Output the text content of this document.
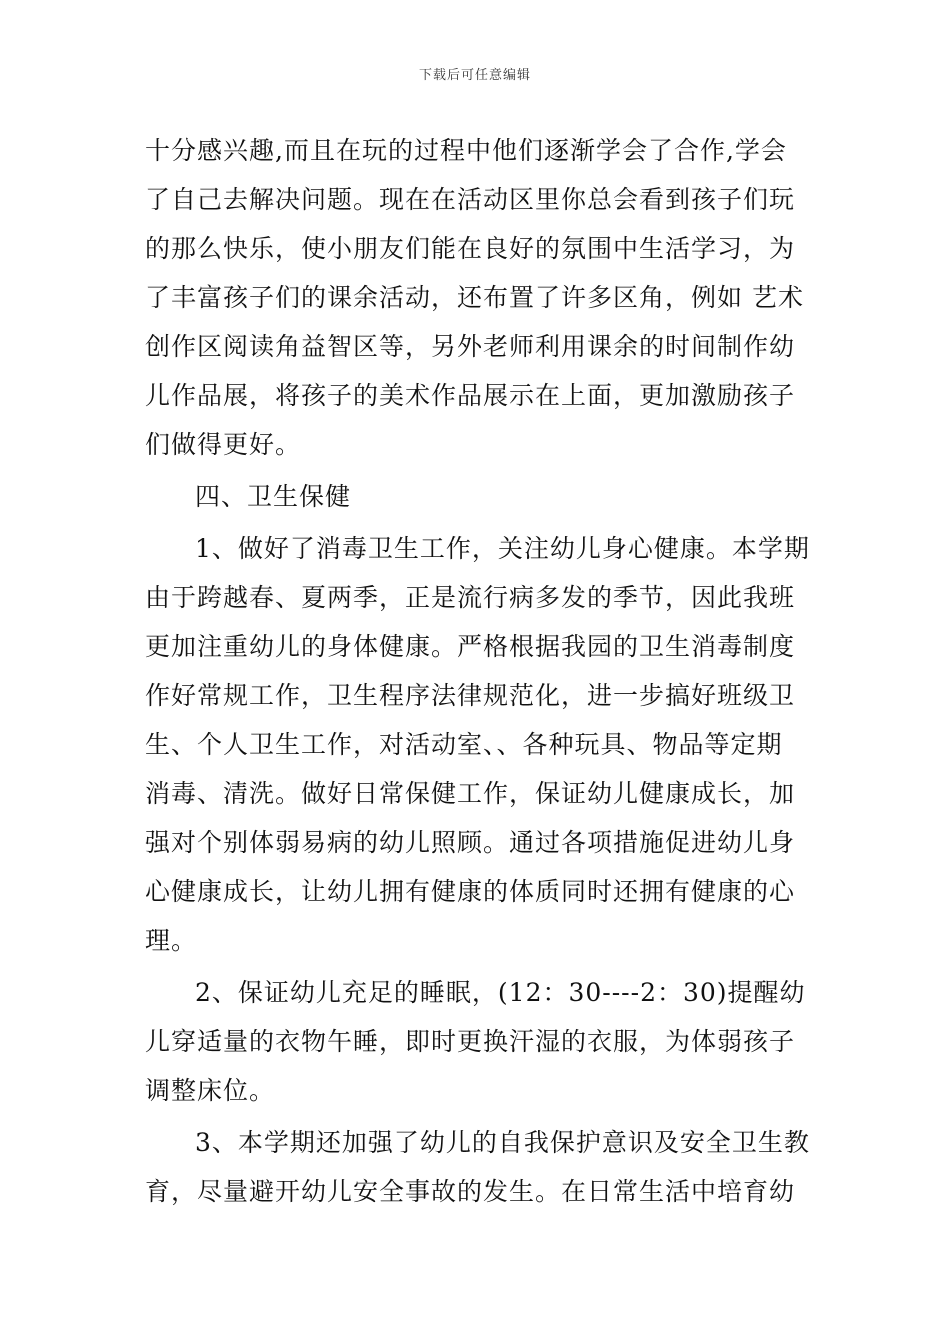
下载后可任意编辑
十分感兴趣,而且在玩的过程中他们逐渐学会了合作,学会
了自己去解决问题。现在在活动区里你总会看到孩子们玩
的那么快乐，使小朋友们能在良好的氛围中生活学习，为
了丰富孩子们的课余活动，还布置了许多区角，例如 艺术
创作区阅读角益智区等，另外老师利用课余的时间制作幼
儿作品展，将孩子的美术作品展示在上面，更加激励孩子
们做得更好。
四、卫生保健
1、做好了消毒卫生工作，关注幼儿身心健康。本学期
由于跨越春、夏两季，正是流行病多发的季节，因此我班
更加注重幼儿的身体健康。严格根据我园的卫生消毒制度
作好常规工作，卫生程序法律规范化，进一步搞好班级卫
生、个人卫生工作，对活动室、、各种玩具、物品等定期
消毒、清洗。做好日常保健工作，保证幼儿健康成长，加
强对个别体弱易病的幼儿照顾。通过各项措施促进幼儿身
心健康成长，让幼儿拥有健康的体质同时还拥有健康的心
理。
2、保证幼儿充足的睡眠，(12：30----2：30)提醒幼
儿穿适量的衣物午睡，即时更换汗湿的衣服，为体弱孩子
调整床位。
3、本学期还加强了幼儿的自我保护意识及安全卫生教
育，尽量避开幼儿安全事故的发生。在日常生活中培育幼
